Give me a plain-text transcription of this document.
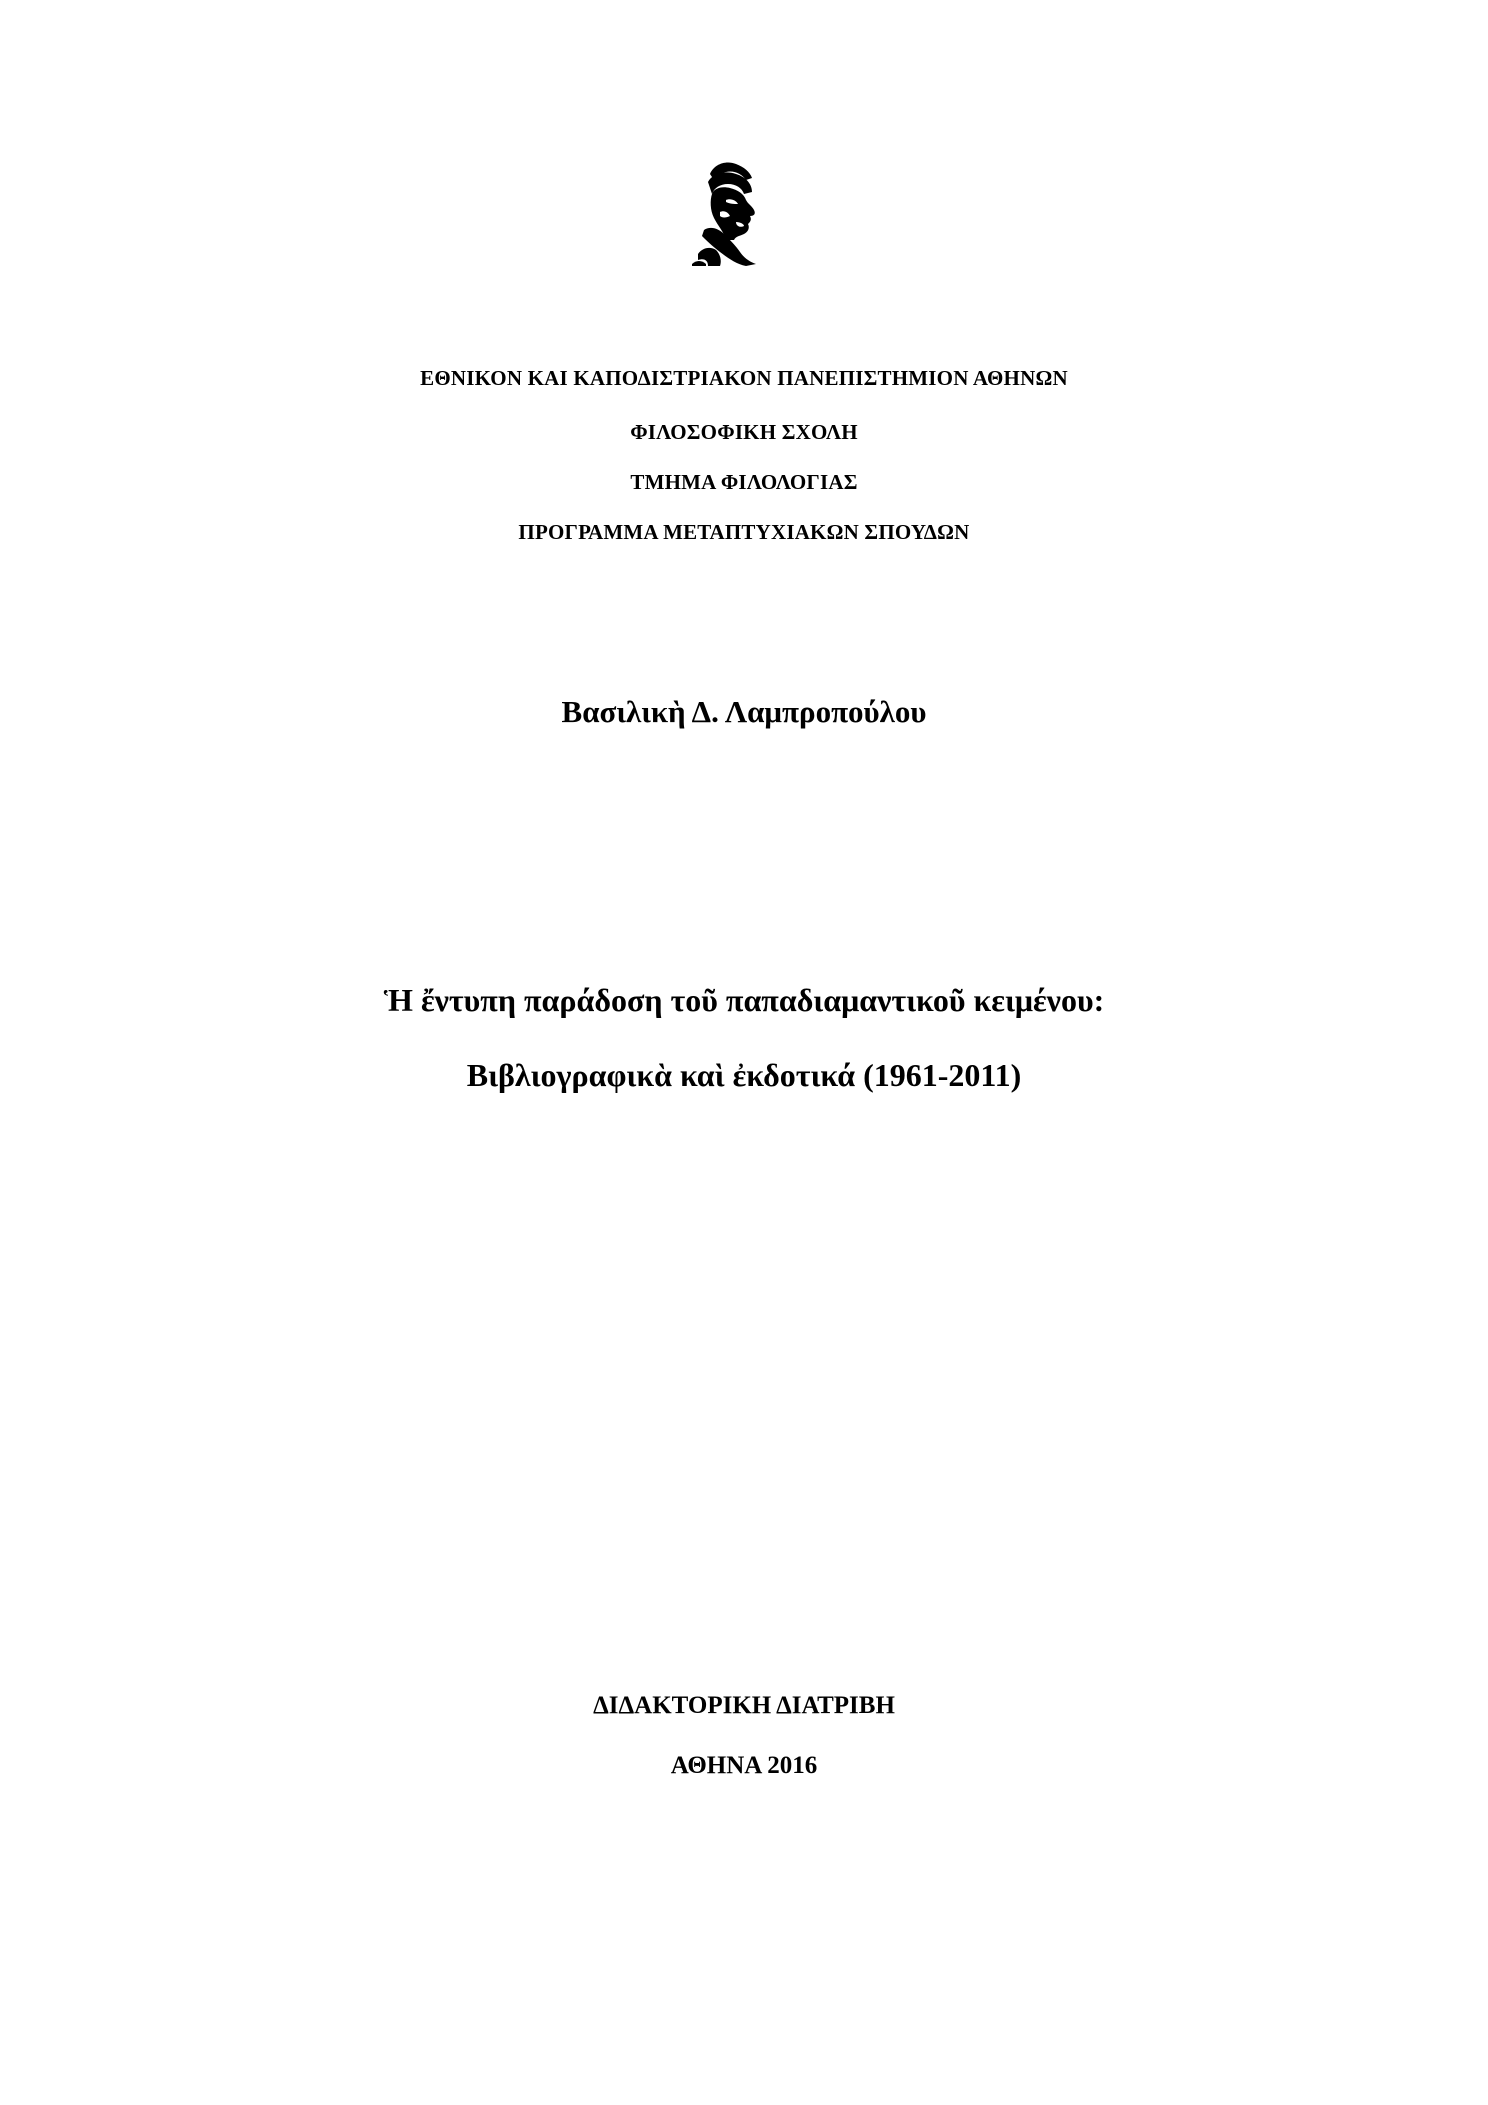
ΕΘΝΙΚΟΝ ΚΑΙ ΚΑΠΟΔΙΣΤΡΙΑΚΟΝ ΠΑΝΕΠΙΣΤΗΜΙΟΝ ΑΘΗΝΩΝ
ΦΙΛΟΣΟΦΙΚΗ ΣΧΟΛΗ
ΤΜΗΜΑ ΦΙΛΟΛΟΓΙΑΣ
ΠΡΟΓΡΑΜΜΑ ΜΕΤΑΠΤΥΧΙΑΚΩΝ ΣΠΟΥΔΩΝ
Βασιλικὴ Δ. Λαμπροπούλου
Ἡ ἔντυπη παράδοση τοῦ παπαδιαμαντικοῦ κειμένου:
Βιβλιογραφικὰ καὶ ἐκδοτικά (1961-2011)
ΔΙΔΑΚΤΟΡΙΚΗ ΔΙΑΤΡΙΒΗ
ΑΘΗΝΑ 2016
